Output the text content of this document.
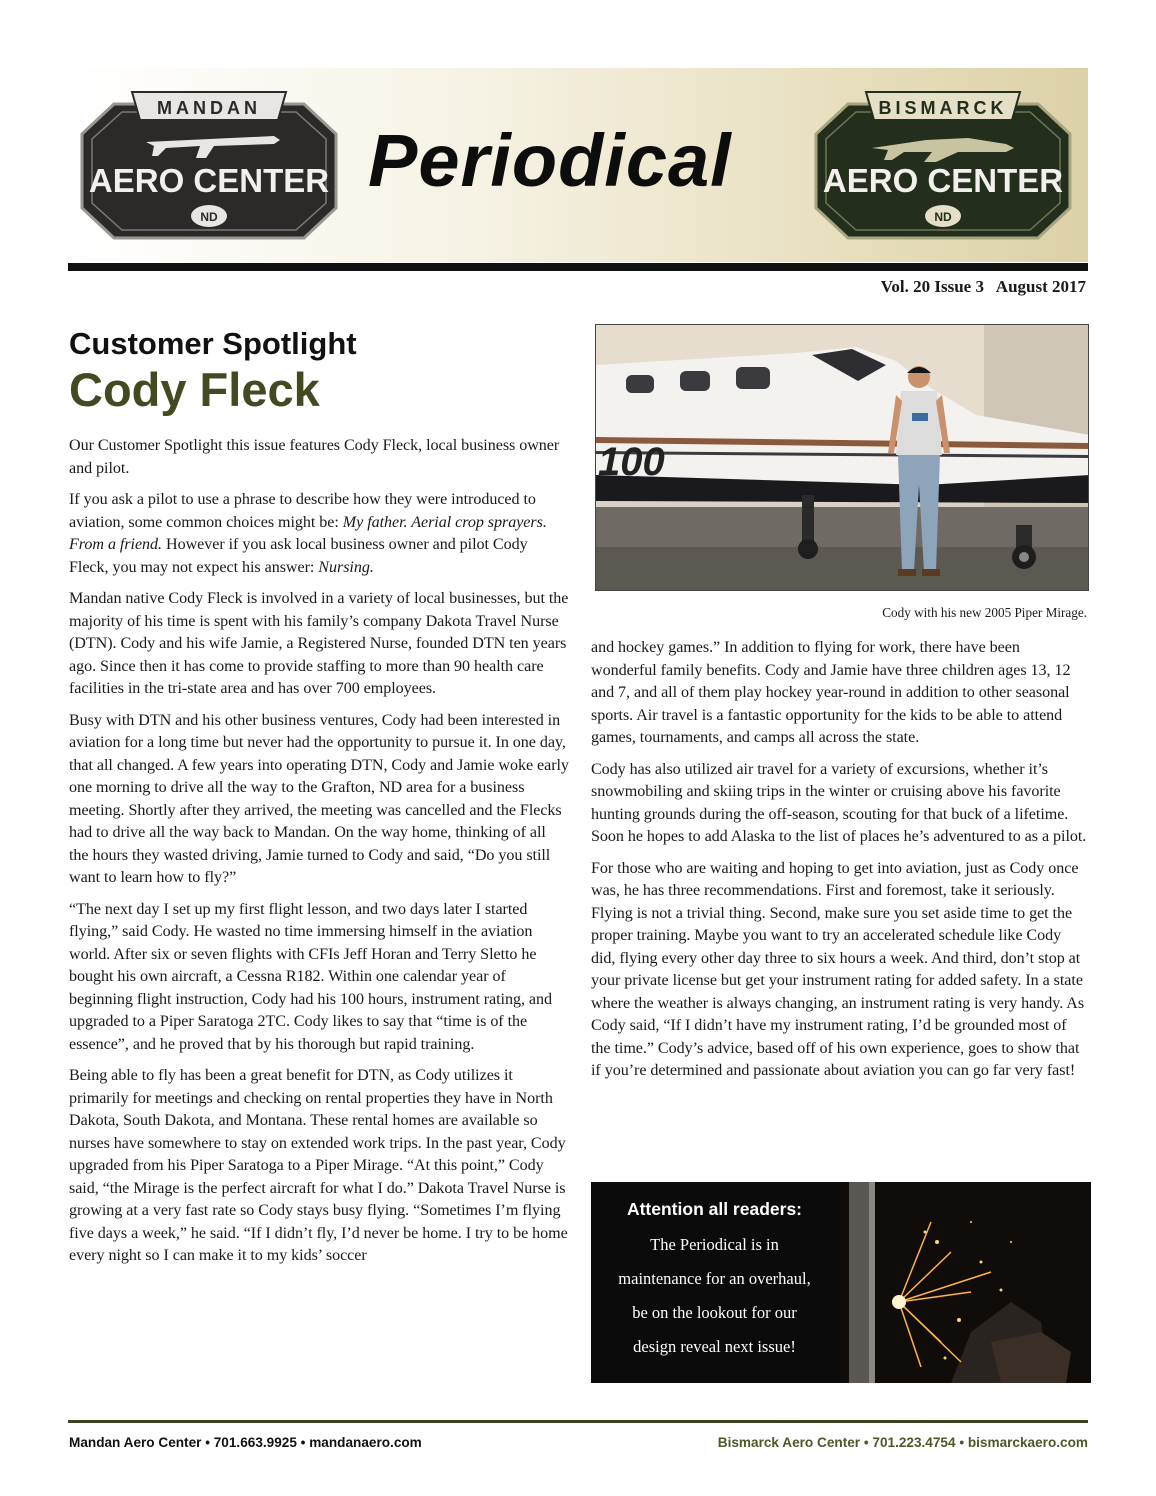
MANDAN
AERO CENTER
ND
Periodical
BISMARCK
AERO CENTER
ND
Vol. 20 Issue 3   August 2017
Customer Spotlight
Cody Fleck

Our Customer Spotlight this issue features Cody Fleck, local business owner and pilot.

If you ask a pilot to use a phrase to describe how they were introduced to aviation, some common choices might be: My father. Aerial crop sprayers. From a friend. However if you ask local business owner and pilot Cody Fleck, you may not expect his answer: Nursing.

Mandan native Cody Fleck is involved in a variety of local businesses, but the majority of his time is spent with his family’s company Dakota Travel Nurse (DTN). Cody and his wife Jamie, a Registered Nurse, founded DTN ten years ago. Since then it has come to provide staffing to more than 90 health care facilities in the tri-state area and has over 700 employees.

Busy with DTN and his other business ventures, Cody had been interested in aviation for a long time but never had the opportunity to pursue it. In one day, that all changed. A few years into operating DTN, Cody and Jamie woke early one morning to drive all the way to the Grafton, ND area for a business meeting. Shortly after they arrived, the meeting was cancelled and the Flecks had to drive all the way back to Mandan. On the way home, thinking of all the hours they wasted driving, Jamie turned to Cody and said, “Do you still want to learn how to fly?”

“The next day I set up my first flight lesson, and two days later I started flying,” said Cody. He wasted no time immersing himself in the aviation world. After six or seven flights with CFIs Jeff Horan and Terry Sletto he bought his own aircraft, a Cessna R182. Within one calendar year of beginning flight instruction, Cody had his 100 hours, instrument rating, and upgraded to a Piper Saratoga 2TC. Cody likes to say that “time is of the essence”, and he proved that by his thorough but rapid training.

Being able to fly has been a great benefit for DTN, as Cody utilizes it primarily for meetings and checking on rental properties they have in North Dakota, South Dakota, and Montana. These rental homes are available so nurses have somewhere to stay on extended work trips. In the past year, Cody upgraded from his Piper Saratoga to a Piper Mirage. “At this point,” Cody said, “the Mirage is the perfect aircraft for what I do.” Dakota Travel Nurse is growing at a very fast rate so Cody stays busy flying. “Sometimes I’m flying five days a week,” he said. “If I didn’t fly, I’d never be home. I try to be home every night so I can make it to my kids’ soccer

100
Cody with his new 2005 Piper Mirage.

and hockey games.” In addition to flying for work, there have been wonderful family benefits. Cody and Jamie have three children ages 13, 12 and 7, and all of them play hockey year-round in addition to other seasonal sports. Air travel is a fantastic opportunity for the kids to be able to attend games, tournaments, and camps all across the state.

Cody has also utilized air travel for a variety of excursions, whether it’s snowmobiling and skiing trips in the winter or cruising above his favorite hunting grounds during the off-season, scouting for that buck of a lifetime. Soon he hopes to add Alaska to the list of places he’s adventured to as a pilot.

For those who are waiting and hoping to get into aviation, just as Cody once was, he has three recommendations. First and foremost, take it seriously. Flying is not a trivial thing. Second, make sure you set aside time to get the proper training. Maybe you want to try an accelerated schedule like Cody did, flying every other day three to six hours a week. And third, don’t stop at your private license but get your instrument rating for added safety. In a state where the weather is always changing, an instrument rating is very handy. As Cody said, “If I didn’t have my instrument rating, I’d be grounded most of the time.” Cody’s advice, based off of his own experience, goes to show that if you’re determined and passionate about aviation you can go far very fast!

Attention all readers:
The Periodical is in
maintenance for an overhaul,
be on the lookout for our
design reveal next issue!
Mandan Aero Center • 701.663.9925 • mandanaero.com	Bismarck Aero Center • 701.223.4754 • bismarckaero.com
